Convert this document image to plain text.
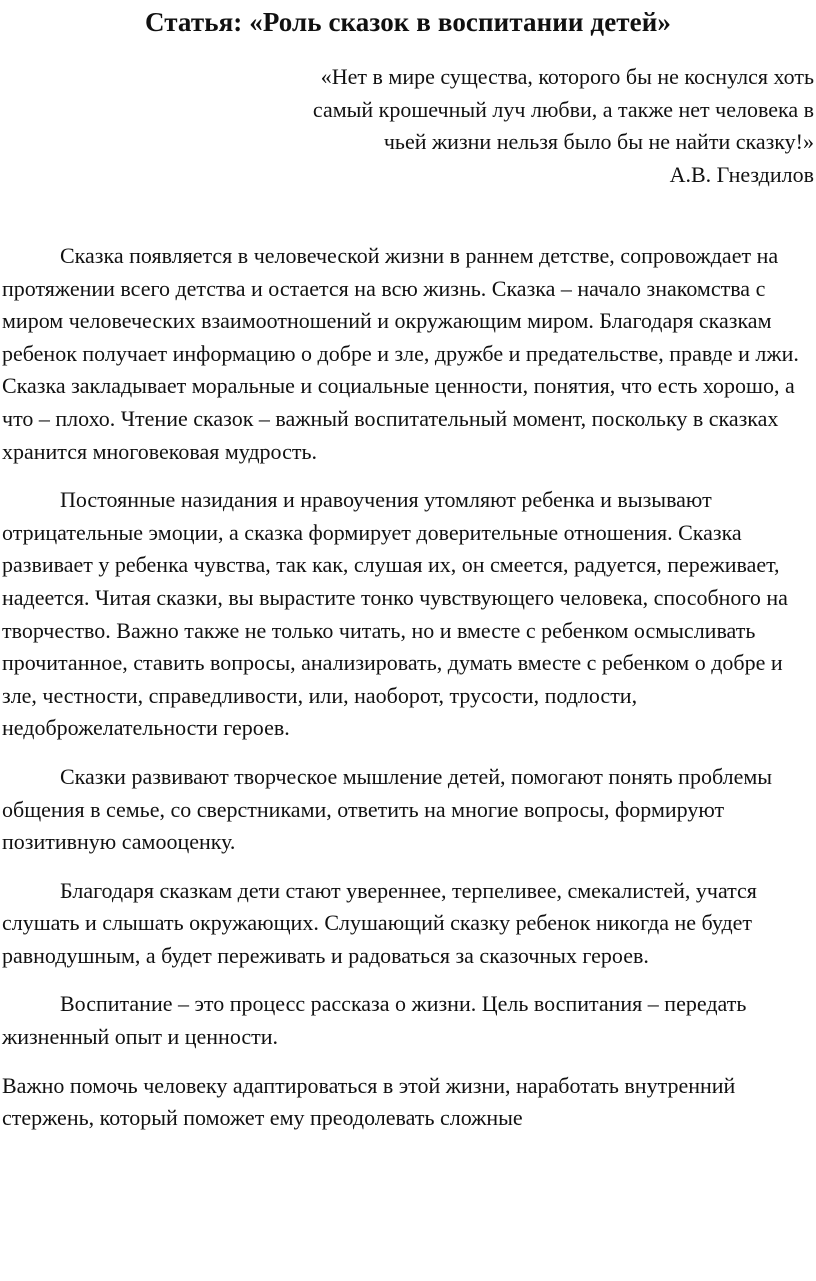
Статья: «Роль сказок в воспитании детей»
«Нет в мире существа, которого бы не коснулся хоть самый крошечный луч любви, а также нет человека в чьей жизни нельзя было бы не найти сказку!»
А.В. Гнездилов

Сказка появляется в человеческой жизни в раннем детстве, сопровождает на протяжении всего детства и остается на всю жизнь. Сказка – начало знакомства с миром человеческих взаимоотношений и окружающим миром. Благодаря сказкам ребенок получает информацию о добре и зле, дружбе и предательстве, правде и лжи. Сказка закладывает моральные и социальные ценности, понятия, что есть хорошо, а что – плохо. Чтение сказок – важный воспитательный момент, поскольку в сказках хранится многовековая мудрость.

Постоянные назидания и нравоучения утомляют ребенка и вызывают отрицательные эмоции, а сказка формирует доверительные отношения. Сказка развивает у ребенка чувства, так как, слушая их, он смеется, радуется, переживает, надеется. Читая сказки, вы вырастите тонко чувствующего человека, способного на творчество. Важно также не только читать, но и вместе с ребенком осмысливать прочитанное, ставить вопросы, анализировать, думать вместе с ребенком о добре и зле, честности, справедливости, или, наоборот, трусости, подлости, недоброжелательности героев.

Сказки развивают творческое мышление детей, помогают понять проблемы общения в семье, со сверстниками, ответить на многие вопросы, формируют позитивную самооценку.

Благодаря сказкам дети стают увереннее, терпеливее, смекалистей, учатся слушать и слышать окружающих. Слушающий сказку ребенок никогда не будет равнодушным, а будет переживать и радоваться за сказочных героев.

Воспитание – это процесс рассказа о жизни. Цель воспитания – передать жизненный опыт и ценности.

Важно помочь человеку адаптироваться в этой жизни, наработать внутренний стержень, который поможет ему преодолевать сложные
